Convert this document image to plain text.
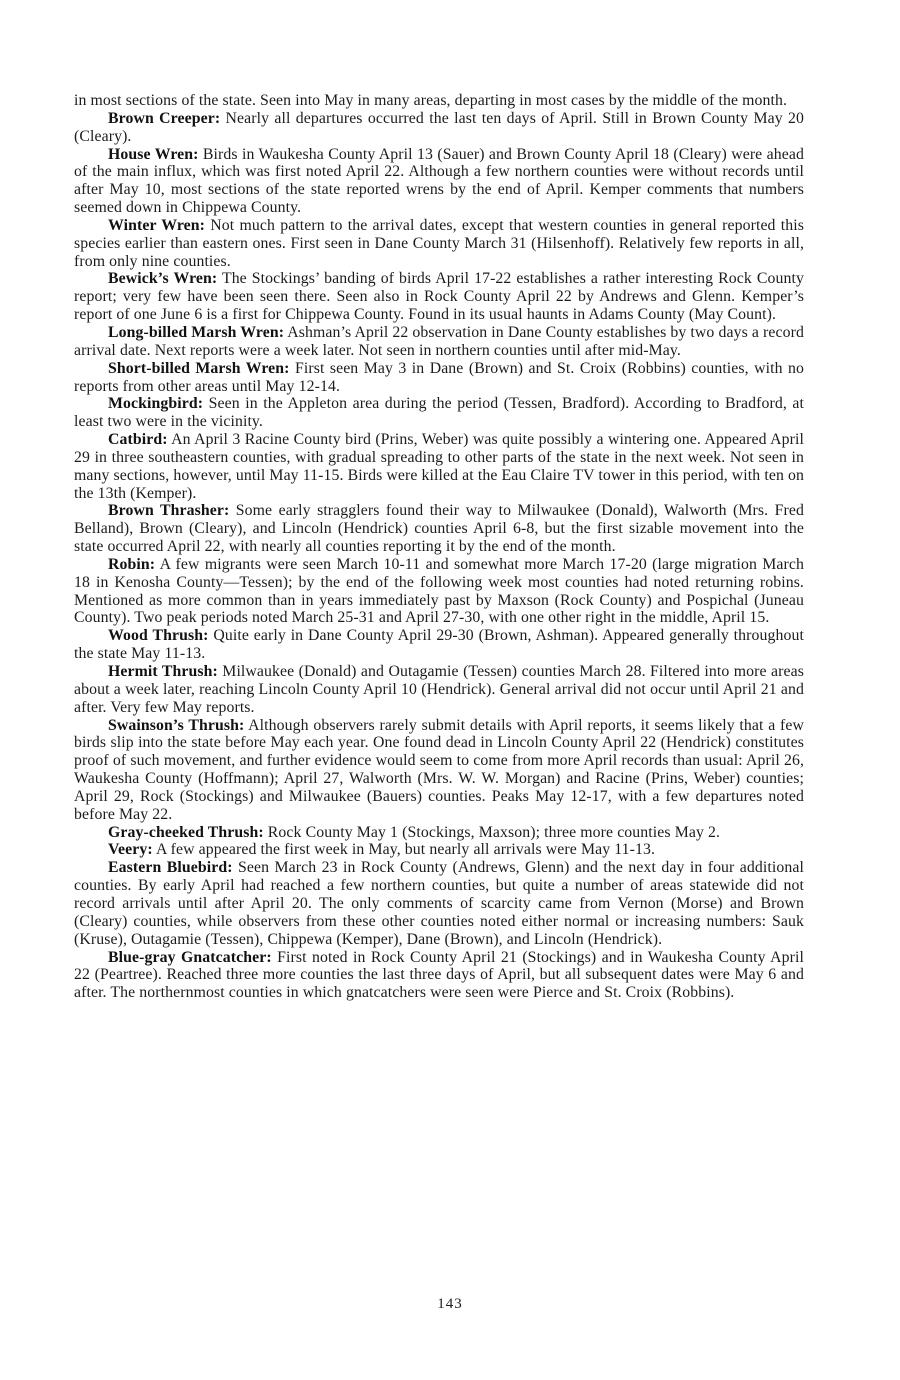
in most sections of the state. Seen into May in many areas, departing in most cases by the middle of the month.

Brown Creeper: Nearly all departures occurred the last ten days of April. Still in Brown County May 20 (Cleary).

House Wren: Birds in Waukesha County April 13 (Sauer) and Brown County April 18 (Cleary) were ahead of the main influx, which was first noted April 22. Although a few northern counties were without records until after May 10, most sections of the state reported wrens by the end of April. Kemper comments that numbers seemed down in Chippewa County.

Winter Wren: Not much pattern to the arrival dates, except that western counties in general reported this species earlier than eastern ones. First seen in Dane County March 31 (Hilsenhoff). Relatively few reports in all, from only nine counties.

Bewick’s Wren: The Stockings’ banding of birds April 17-22 establishes a rather interesting Rock County report; very few have been seen there. Seen also in Rock County April 22 by Andrews and Glenn. Kemper’s report of one June 6 is a first for Chippewa County. Found in its usual haunts in Adams County (May Count).

Long-billed Marsh Wren: Ashman’s April 22 observation in Dane County establishes by two days a record arrival date. Next reports were a week later. Not seen in northern counties until after mid-May.

Short-billed Marsh Wren: First seen May 3 in Dane (Brown) and St. Croix (Robbins) counties, with no reports from other areas until May 12-14.

Mockingbird: Seen in the Appleton area during the period (Tessen, Bradford). According to Bradford, at least two were in the vicinity.

Catbird: An April 3 Racine County bird (Prins, Weber) was quite possibly a wintering one. Appeared April 29 in three southeastern counties, with gradual spreading to other parts of the state in the next week. Not seen in many sections, however, until May 11-15. Birds were killed at the Eau Claire TV tower in this period, with ten on the 13th (Kemper).

Brown Thrasher: Some early stragglers found their way to Milwaukee (Donald), Walworth (Mrs. Fred Belland), Brown (Cleary), and Lincoln (Hendrick) counties April 6-8, but the first sizable movement into the state occurred April 22, with nearly all counties reporting it by the end of the month.

Robin: A few migrants were seen March 10-11 and somewhat more March 17-20 (large migration March 18 in Kenosha County—Tessen); by the end of the following week most counties had noted returning robins. Mentioned as more common than in years immediately past by Maxson (Rock County) and Pospichal (Juneau County). Two peak periods noted March 25-31 and April 27-30, with one other right in the middle, April 15.

Wood Thrush: Quite early in Dane County April 29-30 (Brown, Ashman). Appeared generally throughout the state May 11-13.

Hermit Thrush: Milwaukee (Donald) and Outagamie (Tessen) counties March 28. Filtered into more areas about a week later, reaching Lincoln County April 10 (Hendrick). General arrival did not occur until April 21 and after. Very few May reports.

Swainson’s Thrush: Although observers rarely submit details with April reports, it seems likely that a few birds slip into the state before May each year. One found dead in Lincoln County April 22 (Hendrick) constitutes proof of such movement, and further evidence would seem to come from more April records than usual: April 26, Waukesha County (Hoffmann); April 27, Walworth (Mrs. W. W. Morgan) and Racine (Prins, Weber) counties; April 29, Rock (Stockings) and Milwaukee (Bauers) counties. Peaks May 12-17, with a few departures noted before May 22.

Gray-cheeked Thrush: Rock County May 1 (Stockings, Maxson); three more counties May 2.

Veery: A few appeared the first week in May, but nearly all arrivals were May 11-13.

Eastern Bluebird: Seen March 23 in Rock County (Andrews, Glenn) and the next day in four additional counties. By early April had reached a few northern counties, but quite a number of areas statewide did not record arrivals until after April 20. The only comments of scarcity came from Vernon (Morse) and Brown (Cleary) counties, while observers from these other counties noted either normal or increasing numbers: Sauk (Kruse), Outagamie (Tessen), Chippewa (Kemper), Dane (Brown), and Lincoln (Hendrick).

Blue-gray Gnatcatcher: First noted in Rock County April 21 (Stockings) and in Waukesha County April 22 (Peartree). Reached three more counties the last three days of April, but all subsequent dates were May 6 and after. The northernmost counties in which gnatcatchers were seen were Pierce and St. Croix (Robbins).

143
